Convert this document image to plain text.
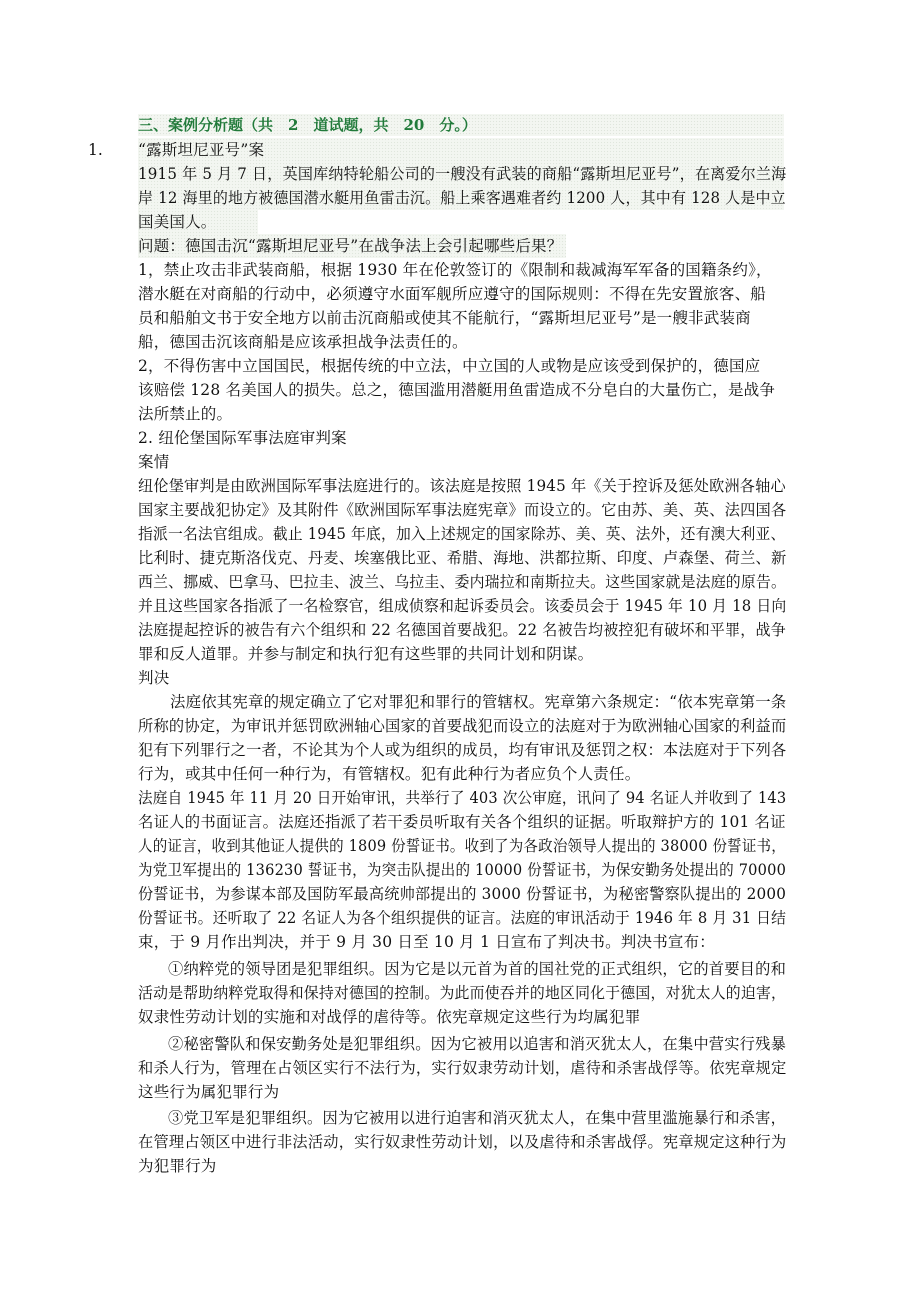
三、案例分析题（共　2　道试题，共　20　分。）
1. “露斯坦尼亚号”案
1915 年 5 月 7 日，英国库纳特轮船公司的一艘没有武装的商船“露斯坦尼亚号”，在离爱尔兰海
岸 12 海里的地方被德国潜水艇用鱼雷击沉。船上乘客遇难者约 1200 人，其中有 128 人是中立
国美国人。
问题：德国击沉“露斯坦尼亚号”在战争法上会引起哪些后果？
1，禁止攻击非武装商船，根据 1930 年在伦敦签订的《限制和裁减海军军备的国籍条约》，
潜水艇在对商船的行动中，必须遵守水面军舰所应遵守的国际规则：不得在先安置旅客、船
员和船舶文书于安全地方以前击沉商船或使其不能航行，“露斯坦尼亚号”是一艘非武装商
船，德国击沉该商船是应该承担战争法责任的。
2，不得伤害中立国国民，根据传统的中立法，中立国的人或物是应该受到保护的，德国应
该赔偿 128 名美国人的损失。总之，德国滥用潜艇用鱼雷造成不分皂白的大量伤亡，是战争
法所禁止的。
2. 纽伦堡国际军事法庭审判案
案情
纽伦堡审判是由欧洲国际军事法庭进行的。该法庭是按照 1945 年《关于控诉及惩处欧洲各轴心
国家主要战犯协定》及其附件《欧洲国际军事法庭宪章》而设立的。它由苏、美、英、法四国各
指派一名法官组成。截止 1945 年底，加入上述规定的国家除苏、美、英、法外，还有澳大利亚、
比利时、捷克斯洛伐克、丹麦、埃塞俄比亚、希腊、海地、洪都拉斯、印度、卢森堡、荷兰、新
西兰、挪威、巴拿马、巴拉圭、波兰、乌拉圭、委内瑞拉和南斯拉夫。这些国家就是法庭的原告。
并且这些国家各指派了一名检察官，组成侦察和起诉委员会。该委员会于 1945 年 10 月 18 日向
法庭提起控诉的被告有六个组织和 22 名德国首要战犯。22 名被告均被控犯有破坏和平罪，战争
罪和反人道罪。并参与制定和执行犯有这些罪的共同计划和阴谋。
判决
法庭依其宪章的规定确立了它对罪犯和罪行的管辖权。宪章第六条规定：“依本宪章第一条
所称的协定，为审讯并惩罚欧洲轴心国家的首要战犯而设立的法庭对于为欧洲轴心国家的利益而
犯有下列罪行之一者，不论其为个人或为组织的成员，均有审讯及惩罚之权：本法庭对于下列各
行为，或其中任何一种行为，有管辖权。犯有此种行为者应负个人责任。
法庭自 1945 年 11 月 20 日开始审讯，共举行了 403 次公审庭，讯问了 94 名证人并收到了 143
名证人的书面证言。法庭还指派了若干委员听取有关各个组织的证据。听取辩护方的 101 名证
人的证言，收到其他证人提供的 1809 份誓证书。收到了为各政治领导人提出的 38000 份誓证书，
为党卫军提出的 136230 誓证书，为突击队提出的 10000 份誓证书，为保安勤务处提出的 70000
份誓证书，为参谋本部及国防军最高统帅部提出的 3000 份誓证书，为秘密警察队提出的 2000
份誓证书。还听取了 22 名证人为各个组织提供的证言。法庭的审讯活动于 1946 年 8 月 31 日结
束，于 9 月作出判决，并于 9 月 30 日至 10 月 1 日宣布了判决书。判决书宣布：
①纳粹党的领导团是犯罪组织。因为它是以元首为首的国社党的正式组织，它的首要目的和
活动是帮助纳粹党取得和保持对德国的控制。为此而使吞并的地区同化于德国，对犹太人的迫害，
奴隶性劳动计划的实施和对战俘的虐待等。依宪章规定这些行为均属犯罪
②秘密警队和保安勤务处是犯罪组织。因为它被用以追害和消灭犹太人，在集中营实行残暴
和杀人行为，管理在占领区实行不法行为，实行奴隶劳动计划，虐待和杀害战俘等。依宪章规定
这些行为属犯罪行为
③党卫军是犯罪组织。因为它被用以进行迫害和消灭犹太人，在集中营里滥施暴行和杀害，
在管理占领区中进行非法活动，实行奴隶性劳动计划，以及虐待和杀害战俘。宪章规定这种行为
为犯罪行为
